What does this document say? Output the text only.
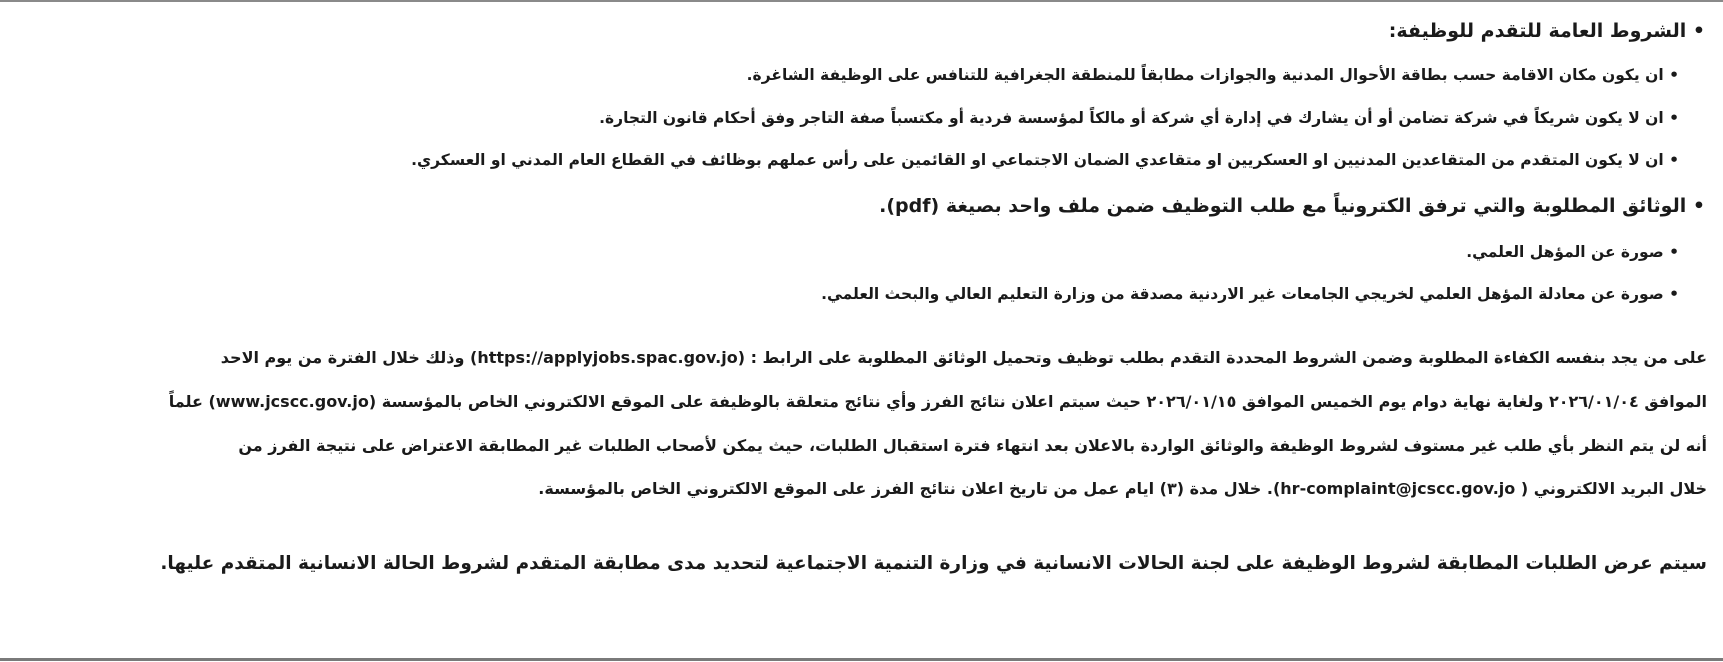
• الشروط العامة للتقدم للوظيفة:
• ان يكون مكان الاقامة حسب بطاقة الأحوال المدنية والجوازات مطابقاً للمنطقة الجغرافية للتنافس على الوظيفة الشاغرة.
• ان لا يكون شريكاً في شركة تضامن أو أن يشارك في إدارة أي شركة أو مالكاً لمؤسسة فردية أو مكتسباً صفة التاجر وفق أحكام قانون التجارة.
• ان لا يكون المتقدم من المتقاعدين المدنيين او العسكريين او متقاعدي الضمان الاجتماعي او القائمين على رأس عملهم بوظائف في القطاع العام المدني او العسكري.
• الوثائق المطلوبة والتي ترفق الكترونياً مع طلب التوظيف ضمن ملف واحد بصيغة (pdf).
• صورة عن المؤهل العلمي.
• صورة عن معادلة المؤهل العلمي لخريجي الجامعات غير الاردنية مصدقة من وزارة التعليم العالي والبحث العلمي.
على من يجد بنفسه الكفاءة المطلوبة وضمن الشروط المحددة التقدم بطلب توظيف وتحميل الوثائق المطلوبة على الرابط : (https://applyjobs.spac.gov.jo) وذلك خلال الفترة من يوم الاحد
الموافق ٢٠٢٦/٠١/٠٤ ولغاية نهاية دوام يوم الخميس الموافق ٢٠٢٦/٠١/١٥ حيث سيتم اعلان نتائج الفرز وأي نتائج متعلقة بالوظيفة على الموقع الالكتروني الخاص بالمؤسسة (www.jcscc.gov.jo) علماً
أنه لن يتم النظر بأي طلب غير مستوف لشروط الوظيفة والوثائق الواردة بالاعلان بعد انتهاء فترة استقبال الطلبات، حيث يمكن لأصحاب الطلبات غير المطابقة الاعتراض على نتيجة الفرز من
خلال البريد الالكتروني ( hr-complaint@jcscc.gov.jo). خلال مدة (٣) ايام عمل من تاريخ اعلان نتائج الفرز على الموقع الالكتروني الخاص بالمؤسسة.
سيتم عرض الطلبات المطابقة لشروط الوظيفة على لجنة الحالات الانسانية في وزارة التنمية الاجتماعية لتحديد مدى مطابقة المتقدم لشروط الحالة الانسانية المتقدم عليها.
